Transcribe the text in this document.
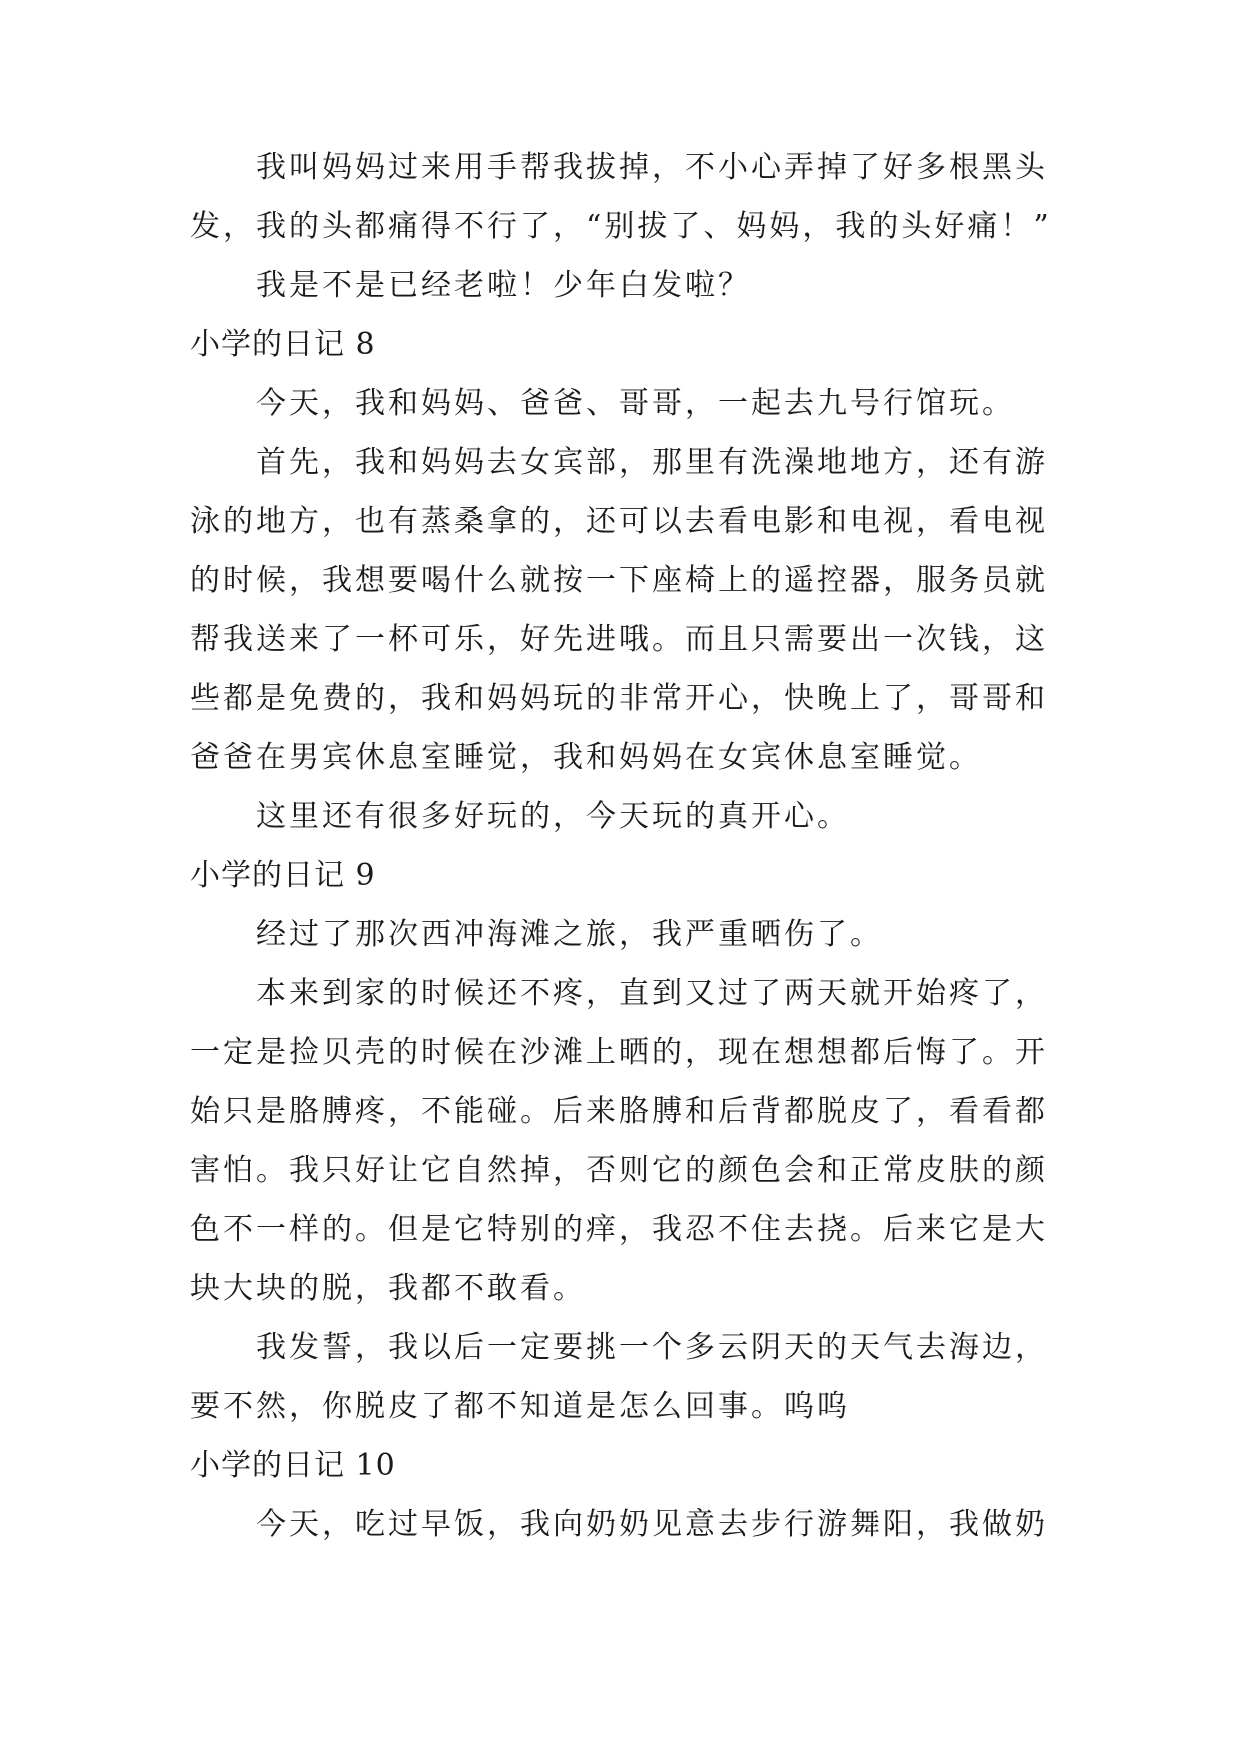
我叫妈妈过来用手帮我拔掉，不小心弄掉了好多根黑头

发，我的头都痛得不行了，“别拔了、妈妈，我的头好痛！”

我是不是已经老啦！少年白发啦？

小学的日记 8

今天，我和妈妈、爸爸、哥哥，一起去九号行馆玩。

首先，我和妈妈去女宾部，那里有洗澡地地方，还有游

泳的地方，也有蒸桑拿的，还可以去看电影和电视，看电视

的时候，我想要喝什么就按一下座椅上的遥控器，服务员就

帮我送来了一杯可乐，好先进哦。而且只需要出一次钱，这

些都是免费的，我和妈妈玩的非常开心，快晚上了，哥哥和

爸爸在男宾休息室睡觉，我和妈妈在女宾休息室睡觉。

这里还有很多好玩的，今天玩的真开心。

小学的日记 9

经过了那次西冲海滩之旅，我严重晒伤了。

本来到家的时候还不疼，直到又过了两天就开始疼了，

一定是捡贝壳的时候在沙滩上晒的，现在想想都后悔了。开

始只是胳膊疼，不能碰。后来胳膊和后背都脱皮了，看看都

害怕。我只好让它自然掉，否则它的颜色会和正常皮肤的颜

色不一样的。但是它特别的痒，我忍不住去挠。后来它是大

块大块的脱，我都不敢看。

我发誓，我以后一定要挑一个多云阴天的天气去海边，

要不然，你脱皮了都不知道是怎么回事。呜呜

小学的日记 10

今天，吃过早饭，我向奶奶见意去步行游舞阳，我做奶
